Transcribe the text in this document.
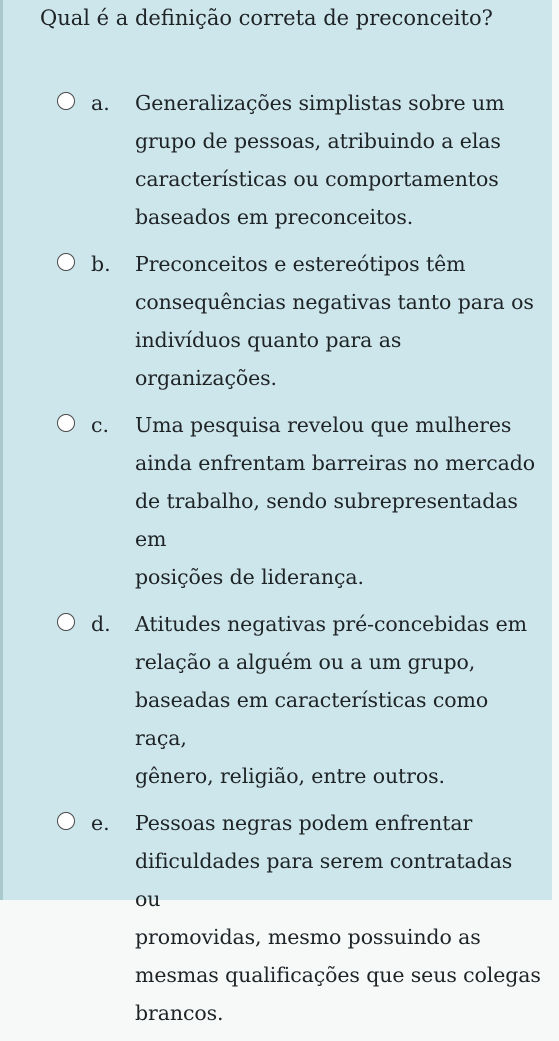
Qual é a definição correta de preconceito?
a. Generalizações simplistas sobre um
grupo de pessoas, atribuindo a elas
características ou comportamentos
baseados em preconceitos.
b. Preconceitos e estereótipos têm
consequências negativas tanto para os
indivíduos quanto para as
organizações.
c. Uma pesquisa revelou que mulheres
ainda enfrentam barreiras no mercado
de trabalho, sendo subrepresentadas em
posições de liderança.
d. Atitudes negativas pré-concebidas em
relação a alguém ou a um grupo,
baseadas em características como raça,
gênero, religião, entre outros.
e. Pessoas negras podem enfrentar
dificuldades para serem contratadas ou
promovidas, mesmo possuindo as
mesmas qualificações que seus colegas
brancos.
